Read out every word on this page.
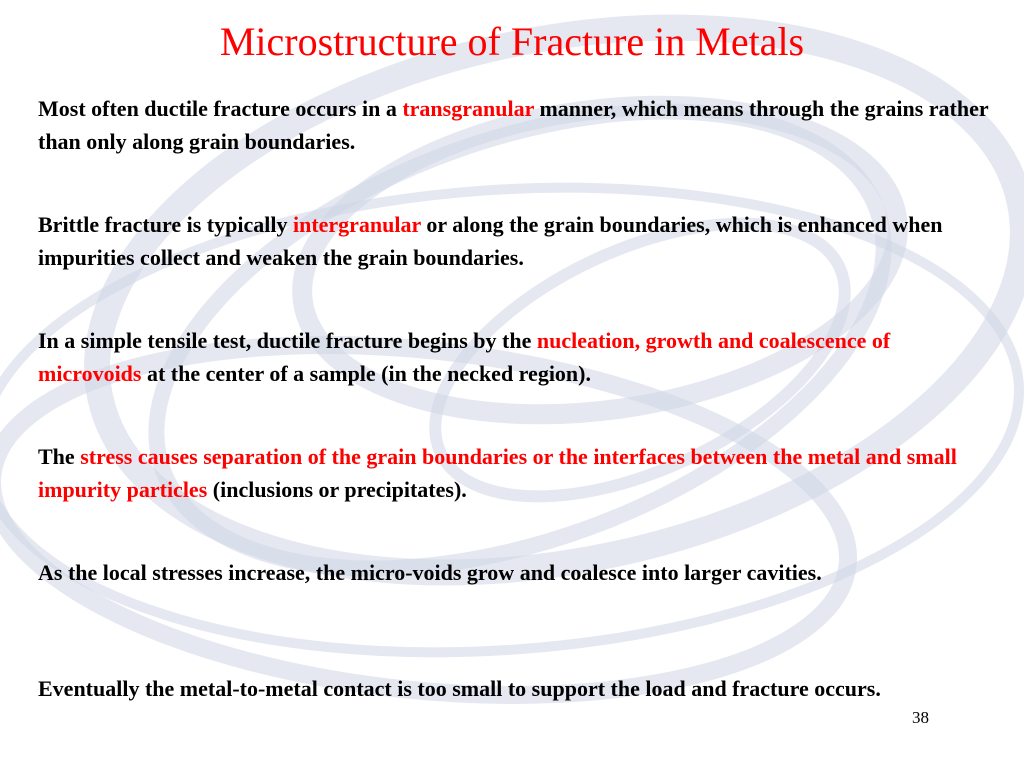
Microstructure of Fracture in Metals
Most often ductile fracture occurs in a transgranular manner, which means through the grains rather than only along grain boundaries.
Brittle fracture is typically intergranular or along the grain boundaries, which is enhanced when impurities collect and weaken the grain boundaries.
In a simple tensile test, ductile fracture begins by the nucleation, growth and coalescence of microvoids at the center of a sample (in the necked region).
The stress causes separation of the grain boundaries or the interfaces between the metal and small impurity particles (inclusions or precipitates).
As the local stresses increase, the micro-voids grow and coalesce into larger cavities.
Eventually the metal-to-metal contact is too small to support the load and fracture occurs.
38
